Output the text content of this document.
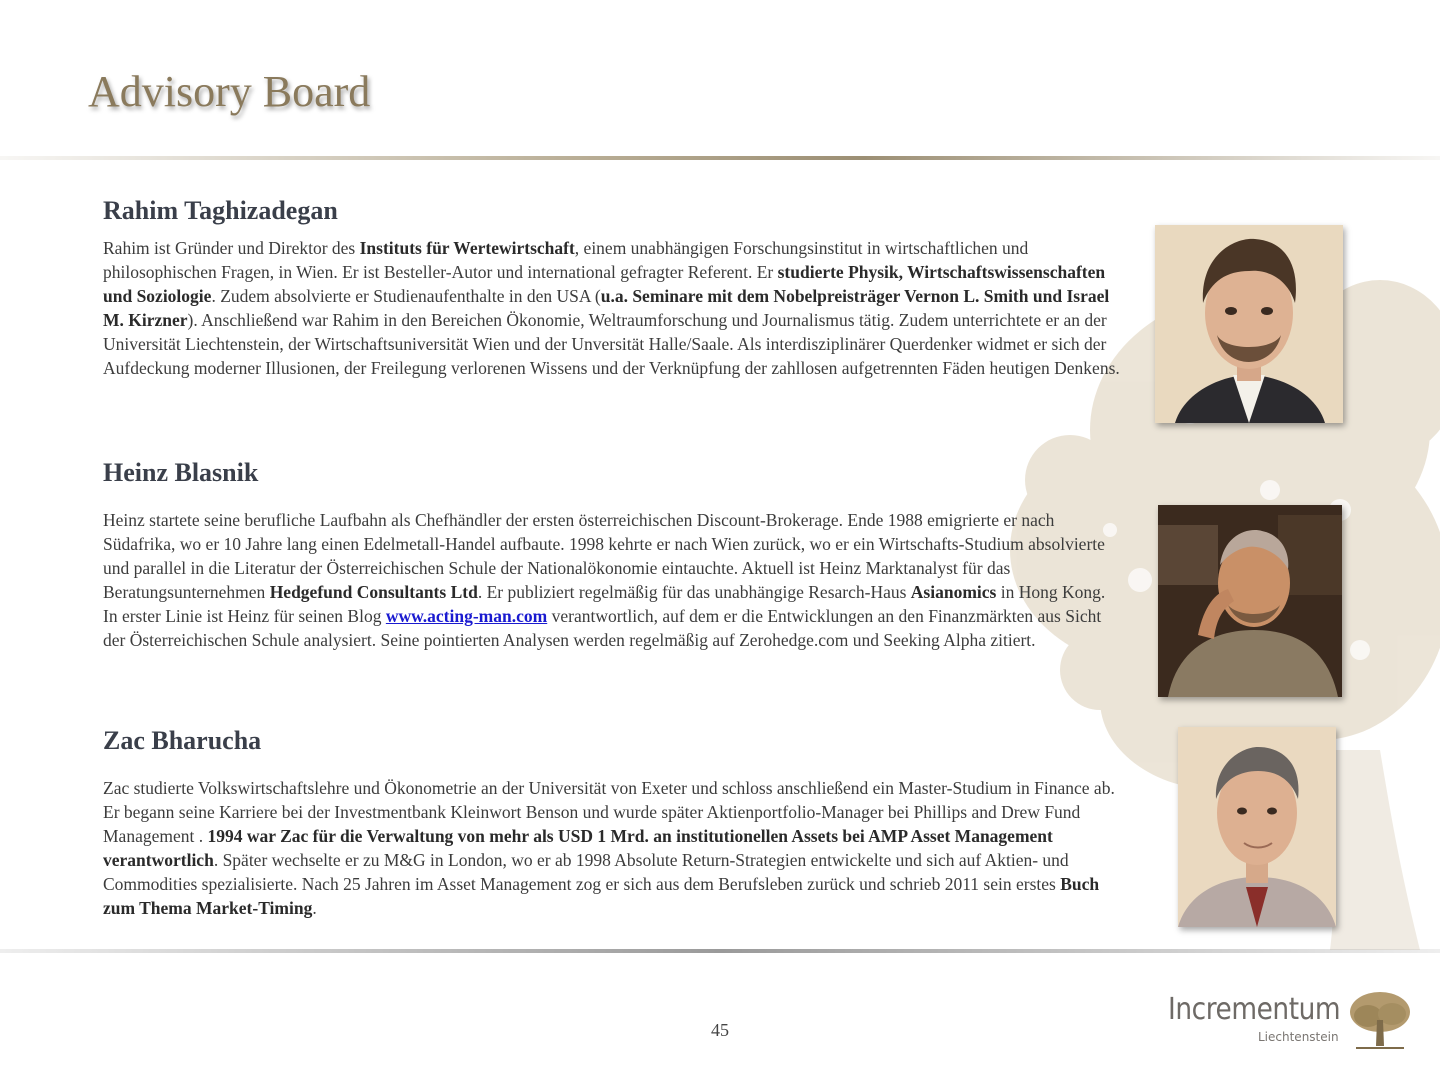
Advisory Board
Rahim Taghizadegan

Rahim ist Gründer und Direktor des Instituts für Wertewirtschaft, einem unabhängigen Forschungsinstitut in wirtschaftlichen und philosophischen Fragen, in Wien. Er ist Besteller-Autor und international gefragter Referent. Er studierte Physik, Wirtschaftswissenschaften und Soziologie. Zudem absolvierte er Studienaufenthalte in den USA (u.a. Seminare mit dem Nobelpreisträger Vernon L. Smith und Israel M. Kirzner). Anschließend war Rahim in den Bereichen Ökonomie, Weltraumforschung und Journalismus tätig. Zudem unterrichtete er an der Universität Liechtenstein, der Wirtschaftsuniversität Wien und der Unversität Halle/Saale. Als interdisziplinärer Querdenker widmet er sich der Aufdeckung moderner Illusionen, der Freilegung verlorenen Wissens und der Verknüpfung der zahllosen aufgetrennten Fäden heutigen Denkens.

Heinz Blasnik

Heinz startete seine berufliche Laufbahn als Chefhändler der ersten österreichischen Discount-Brokerage. Ende 1988 emigrierte er nach Südafrika, wo er 10 Jahre lang einen Edelmetall-Handel aufbaute. 1998 kehrte er nach Wien zurück, wo er ein Wirtschafts-Studium absolvierte und parallel in die Literatur der Österreichischen Schule der Nationalökonomie eintauchte. Aktuell ist Heinz Marktanalyst für das Beratungsunternehmen Hedgefund Consultants Ltd. Er publiziert regelmäßig für das unabhängige Resarch-Haus Asianomics in Hong Kong. In erster Linie ist Heinz für seinen Blog www.acting-man.com verantwortlich, auf dem er die Entwicklungen an den Finanzmärkten aus Sicht der Österreichischen Schule analysiert. Seine pointierten Analysen werden regelmäßig auf Zerohedge.com und Seeking Alpha zitiert.

Zac Bharucha

Zac studierte Volkswirtschaftslehre und Ökonometrie an der Universität von Exeter und schloss anschließend ein Master-Studium in Finance ab. Er begann seine Karriere bei der Investmentbank Kleinwort Benson und wurde später Aktienportfolio-Manager bei Phillips and Drew Fund Management . 1994 war Zac für die Verwaltung von mehr als USD 1 Mrd. an institutionellen Assets bei AMP Asset Management verantwortlich. Später wechselte er zu M&G in London, wo er ab 1998 Absolute Return-Strategien entwickelte und sich auf Aktien- und Commodities spezialisierte. Nach 25 Jahren im Asset Management zog er sich aus dem Berufsleben zurück und schrieb 2011 sein erstes Buch zum Thema Market-Timing.

45
Incrementum
Liechtenstein
